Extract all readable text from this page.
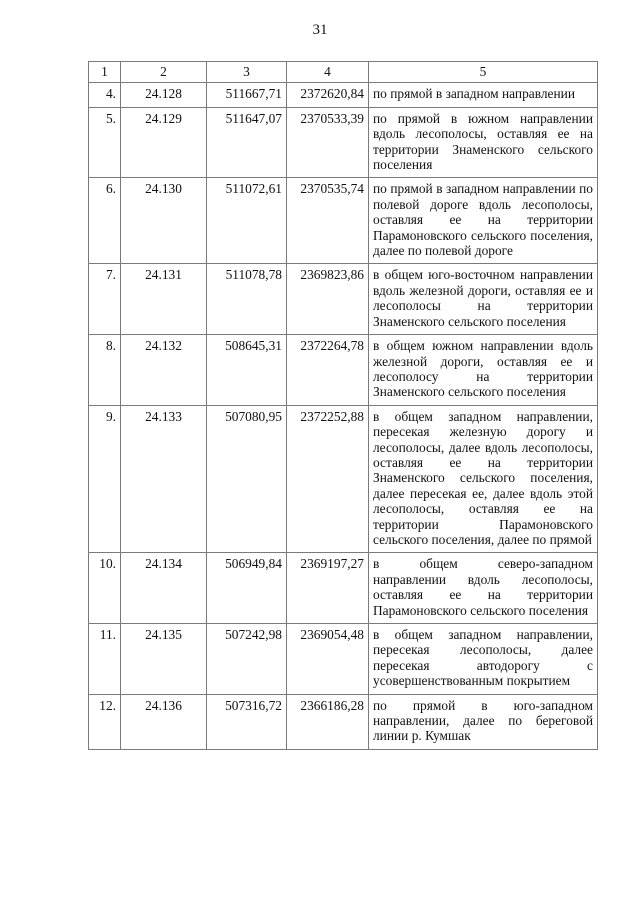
31
1	2	3	4	5
4.	24.128	511667,71	2372620,84	по прямой в западном направлении
5.	24.129	511647,07	2370533,39	по прямой в южном направлении вдоль лесополосы, оставляя ее на территории Знаменского сельского поселения
6.	24.130	511072,61	2370535,74	по прямой в западном направлении по полевой дороге вдоль лесополосы, оставляя ее на территории Парамоновского сельского поселения, далее по полевой дороге
7.	24.131	511078,78	2369823,86	в общем юго-восточном направлении вдоль железной дороги, оставляя ее и лесополосы на территории Знаменского сельского поселения
8.	24.132	508645,31	2372264,78	в общем южном направлении вдоль железной дороги, оставляя ее и лесополосу на территории Знаменского сельского поселения
9.	24.133	507080,95	2372252,88	в общем западном направлении, пересекая железную дорогу и лесополосы, далее вдоль лесополосы, оставляя ее на территории Знаменского сельского поселения, далее пересекая ее, далее вдоль этой лесополосы, оставляя ее на территории Парамоновского сельского поселения, далее по прямой
10.	24.134	506949,84	2369197,27	в общем северо-западном направлении вдоль лесополосы, оставляя ее на территории Парамоновского сельского поселения
11.	24.135	507242,98	2369054,48	в общем западном направлении, пересекая лесополосы, далее пересекая автодорогу с усовершенствованным покрытием
12.	24.136	507316,72	2366186,28	по прямой в юго-западном направлении, далее по береговой линии р. Кумшак
